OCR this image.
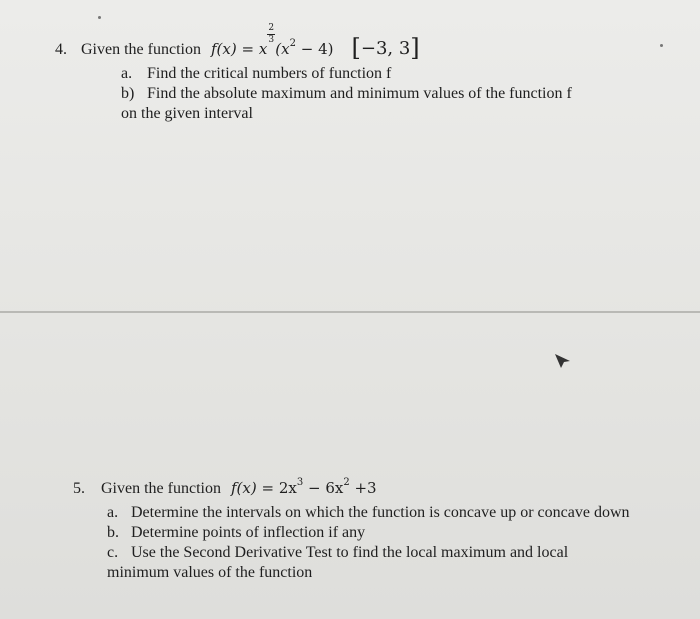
4. Given the function $f(x) = x\frac{2}{3}(x^2 - 4)$ [−3, 3]
a. Find the critical numbers of function f
b) Find the absolute maximum and minimum values of the function f
on the given interval
5. Given the function $f(x) = 2x^3 - 6x^2 +3$
a. Determine the intervals on which the function is concave up or concave down
b. Determine points of inflection if any
c. Use the Second Derivative Test to find the local maximum and local
minimum values of the function
